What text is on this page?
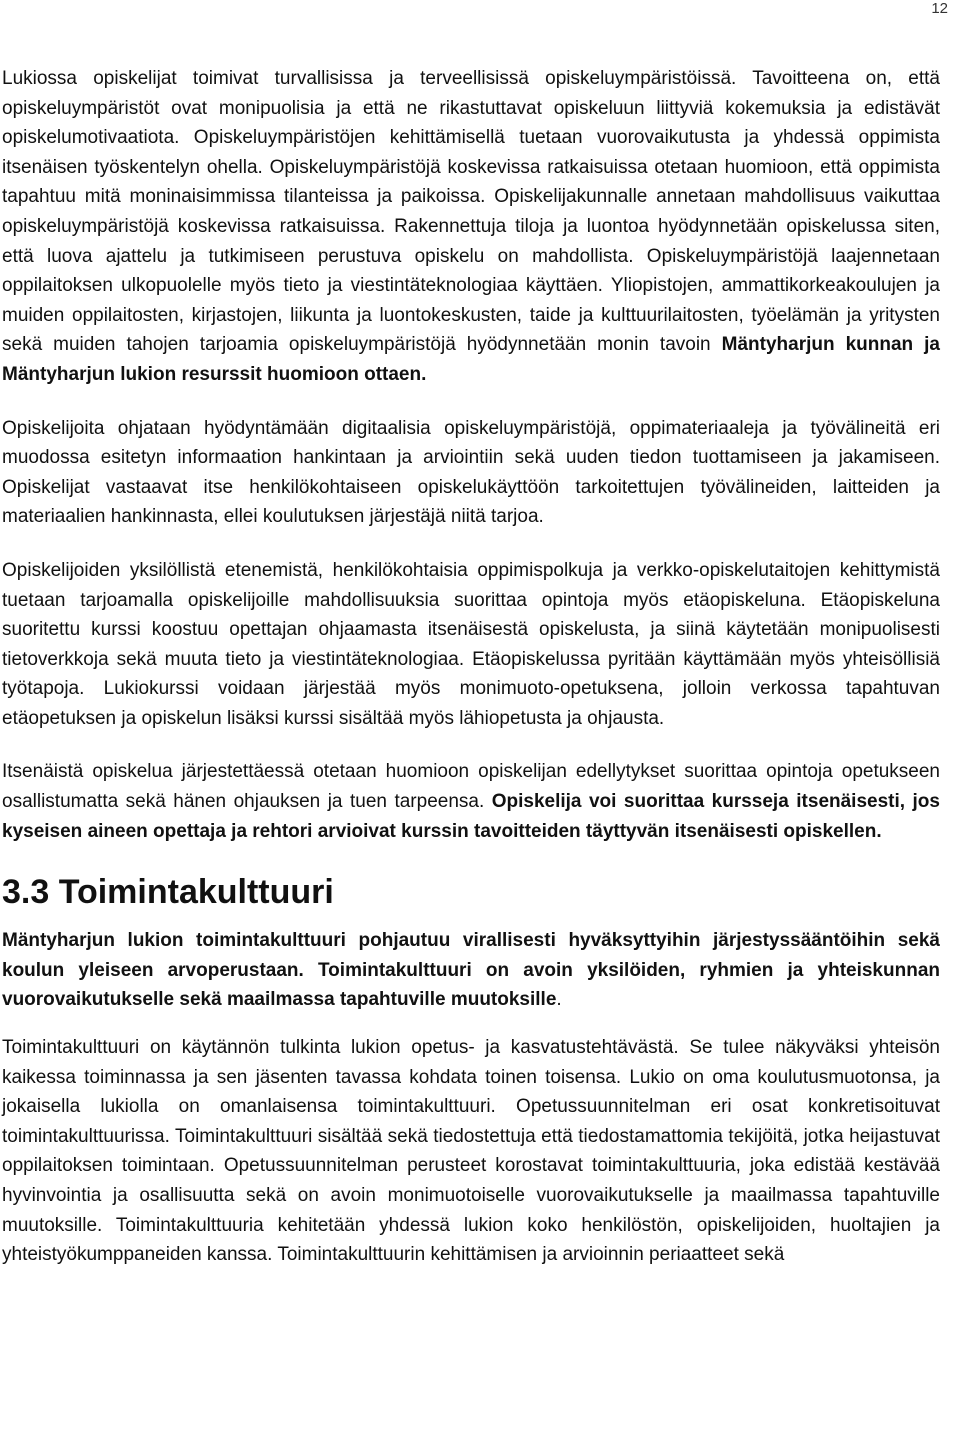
12

Lukiossa opiskelijat toimivat turvallisissa ja terveellisissä opiskeluympäristöissä. Tavoitteena on, että opiskeluympäristöt ovat monipuolisia ja että ne rikastuttavat opiskeluun liittyviä kokemuksia ja edistävät opiskelumotivaatiota. Opiskeluympäristöjen kehittämisellä tuetaan vuorovaikutusta ja yhdessä oppimista itsenäisen työskentelyn ohella. Opiskeluympäristöjä koskevissa ratkaisuissa otetaan huomioon, että oppimista tapahtuu mitä moninaisimmissa tilanteissa ja paikoissa. Opiskelijakunnalle annetaan mahdollisuus vaikuttaa opiskeluympäristöjä koskevissa ratkaisuissa. Rakennettuja tiloja ja luontoa hyödynnetään opiskelussa siten, että luova ajattelu ja tutkimiseen perustuva opiskelu on mahdollista. Opiskeluympäristöjä laajennetaan oppilaitoksen ulkopuolelle myös tieto ja viestintäteknologiaa käyttäen. Yliopistojen, ammattikorkeakoulujen ja muiden oppilaitosten, kirjastojen, liikunta ja luontokeskusten, taide ja kulttuurilaitosten, työelämän ja yritysten sekä muiden tahojen tarjoamia opiskeluympäristöjä hyödynnetään monin tavoin Mäntyharjun kunnan ja Mäntyharjun lukion resurssit huomioon ottaen.

Opiskelijoita ohjataan hyödyntämään digitaalisia opiskeluympäristöjä, oppimateriaaleja ja työvälineitä eri muodossa esitetyn informaation hankintaan ja arviointiin sekä uuden tiedon tuottamiseen ja jakamiseen. Opiskelijat vastaavat itse henkilökohtaiseen opiskelukäyttöön tarkoitettujen työvälineiden, laitteiden ja materiaalien hankinnasta, ellei koulutuksen järjestäjä niitä tarjoa.

Opiskelijoiden yksilöllistä etenemistä, henkilökohtaisia oppimispolkuja ja verkko-opiskelutaitojen kehittymistä tuetaan tarjoamalla opiskelijoille mahdollisuuksia suorittaa opintoja myös etäopiskeluna. Etäopiskeluna suoritettu kurssi koostuu opettajan ohjaamasta itsenäisestä opiskelusta, ja siinä käytetään monipuolisesti tietoverkkoja sekä muuta tieto ja viestintäteknologiaa. Etäopiskelussa pyritään käyttämään myös yhteisöllisiä työtapoja. Lukiokurssi voidaan järjestää myös monimuoto-opetuksena, jolloin verkossa tapahtuvan etäopetuksen ja opiskelun lisäksi kurssi sisältää myös lähiopetusta ja ohjausta.

Itsenäistä opiskelua järjestettäessä otetaan huomioon opiskelijan edellytykset suorittaa opintoja opetukseen osallistumatta sekä hänen ohjauksen ja tuen tarpeensa. Opiskelija voi suorittaa kursseja itsenäisesti, jos kyseisen aineen opettaja ja rehtori arvioivat kurssin tavoitteiden täyttyvän itsenäisesti opiskellen.

3.3 Toimintakulttuuri

Mäntyharjun lukion toimintakulttuuri pohjautuu virallisesti hyväksyttyihin järjestyssääntöihin sekä koulun yleiseen arvoperustaan. Toimintakulttuuri on avoin yksilöiden, ryhmien ja yhteiskunnan vuorovaikutukselle sekä maailmassa tapahtuville muutoksille.

Toimintakulttuuri on käytännön tulkinta lukion opetus- ja kasvatustehtävästä. Se tulee näkyväksi yhteisön kaikessa toiminnassa ja sen jäsenten tavassa kohdata toinen toisensa. Lukio on oma koulutusmuotonsa, ja jokaisella lukiolla on omanlaisensa toimintakulttuuri. Opetussuunnitelman eri osat konkretisoituvat toimintakulttuurissa. Toimintakulttuuri sisältää sekä tiedostettuja että tiedostamattomia tekijöitä, jotka heijastuvat oppilaitoksen toimintaan. Opetussuunnitelman perusteet korostavat toimintakulttuuria, joka edistää kestävää hyvinvointia ja osallisuutta sekä on avoin monimuotoiselle vuorovaikutukselle ja maailmassa tapahtuville muutoksille. Toimintakulttuuria kehitetään yhdessä lukion koko henkilöstön, opiskelijoiden, huoltajien ja yhteistyökumppaneiden kanssa. Toimintakulttuurin kehittämisen ja arvioinnin periaatteet sekä
